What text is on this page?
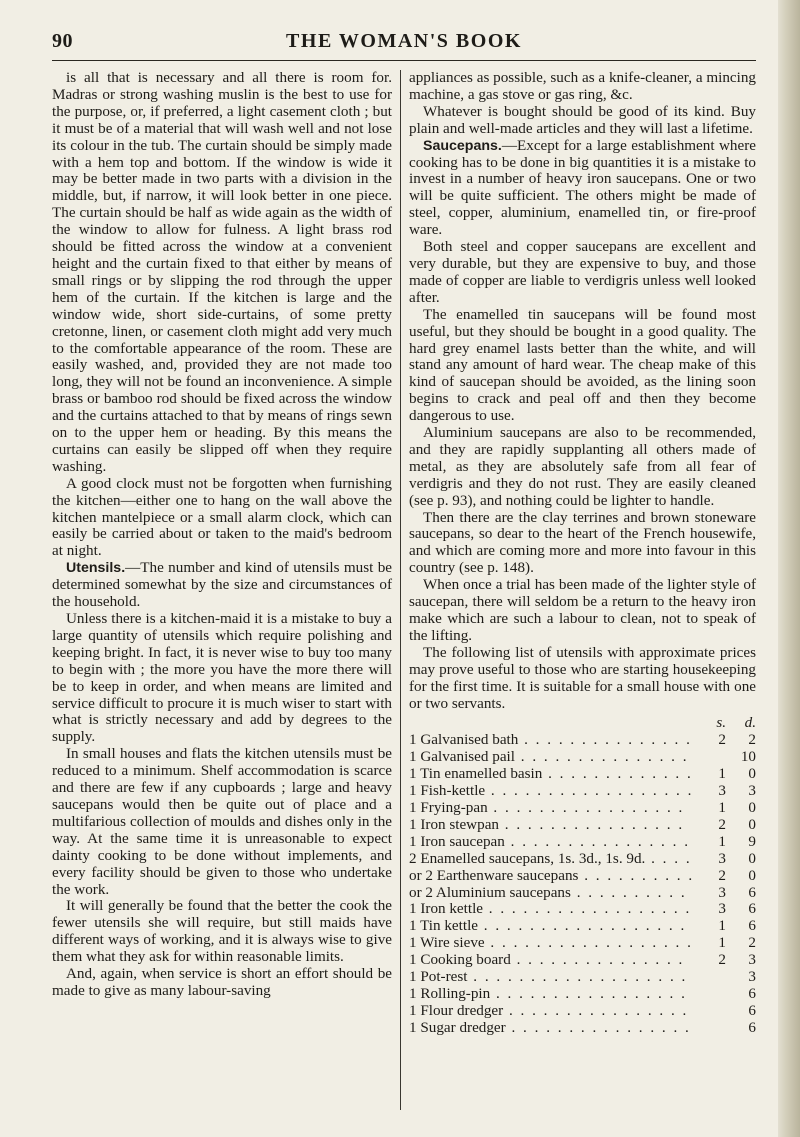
90	THE WOMAN'S BOOK

is all that is necessary and all there is room for. Madras or strong washing muslin is the best to use for the purpose, or, if preferred, a light casement cloth ; but it must be of a material that will wash well and not lose its colour in the tub. The curtain should be simply made with a hem top and bottom. If the window is wide it may be better made in two parts with a division in the middle, but, if narrow, it will look better in one piece. The curtain should be half as wide again as the width of the window to allow for fulness. A light brass rod should be fitted across the window at a convenient height and the curtain fixed to that either by means of small rings or by slipping the rod through the upper hem of the curtain. If the kitchen is large and the window wide, short side-curtains, of some pretty cretonne, linen, or casement cloth might add very much to the comfortable appearance of the room. These are easily washed, and, provided they are not made too long, they will not be found an inconvenience. A simple brass or bamboo rod should be fixed across the window and the curtains attached to that by means of rings sewn on to the upper hem or heading. By this means the curtains can easily be slipped off when they require washing.

A good clock must not be forgotten when furnishing the kitchen—either one to hang on the wall above the kitchen mantelpiece or a small alarm clock, which can easily be carried about or taken to the maid's bedroom at night.

Utensils.—The number and kind of utensils must be determined somewhat by the size and circumstances of the household.

Unless there is a kitchen-maid it is a mistake to buy a large quantity of utensils which require polishing and keeping bright. In fact, it is never wise to buy too many to begin with ; the more you have the more there will be to keep in order, and when means are limited and service difficult to procure it is much wiser to start with what is strictly necessary and add by degrees to the supply.

In small houses and flats the kitchen utensils must be reduced to a minimum. Shelf accommodation is scarce and there are few if any cupboards ; large and heavy saucepans would then be quite out of place and a multifarious collection of moulds and dishes only in the way. At the same time it is unreasonable to expect dainty cooking to be done without implements, and every facility should be given to those who undertake the work.

It will generally be found that the better the cook the fewer utensils she will require, but still maids have different ways of working, and it is always wise to give them what they ask for within reasonable limits.

And, again, when service is short an effort should be made to give as many labour-saving

appliances as possible, such as a knife-cleaner, a mincing machine, a gas stove or gas ring, &c.

Whatever is bought should be good of its kind. Buy plain and well-made articles and they will last a lifetime.

Saucepans.—Except for a large establishment where cooking has to be done in big quantities it is a mistake to invest in a number of heavy iron saucepans. One or two will be quite sufficient. The others might be made of steel, copper, aluminium, enamelled tin, or fire-proof ware.

Both steel and copper saucepans are excellent and very durable, but they are expensive to buy, and those made of copper are liable to verdigris unless well looked after.

The enamelled tin saucepans will be found most useful, but they should be bought in a good quality. The hard grey enamel lasts better than the white, and will stand any amount of hard wear. The cheap make of this kind of saucepan should be avoided, as the lining soon begins to crack and peal off and then they become dangerous to use.

Aluminium saucepans are also to be recommended, and they are rapidly supplanting all others made of metal, as they are absolutely safe from all fear of verdigris and they do not rust. They are easily cleaned (see p. 93), and nothing could be lighter to handle.

Then there are the clay terrines and brown stoneware saucepans, so dear to the heart of the French housewife, and which are coming more and more into favour in this country (see p. 148).

When once a trial has been made of the lighter style of saucepan, there will seldom be a return to the heavy iron make which are such a labour to clean, not to speak of the lifting.

The following list of utensils with approximate prices may prove useful to those who are starting housekeeping for the first time. It is suitable for a small house with one or two servants.

	s.	d.
1 Galvanised bath . . . . . . . . . . . . . . .	2	2
1 Galvanised pail . . . . . . . . . . . . . . .		10
1 Tin enamelled basin . . . . . . . . . . . . .	1	0
1 Fish-kettle . . . . . . . . . . . . . . . . . .	3	3
1 Frying-pan . . . . . . . . . . . . . . . . .	1	0
1 Iron stewpan . . . . . . . . . . . . . . . .	2	0
1 Iron saucepan . . . . . . . . . . . . . . . .	1	9
2 Enamelled saucepans, 1s. 3d., 1s. 9d. . . . .	3	0
or 2 Earthenware saucepans . . . . . . . . . .	2	0
or 2 Aluminium saucepans . . . . . . . . . .	3	6
1 Iron kettle . . . . . . . . . . . . . . . . . .	3	6
1 Tin kettle . . . . . . . . . . . . . . . . . .	1	6
1 Wire sieve . . . . . . . . . . . . . . . . . .	1	2
1 Cooking board . . . . . . . . . . . . . . .	2	3
1 Pot-rest . . . . . . . . . . . . . . . . . . .		3
1 Rolling-pin . . . . . . . . . . . . . . . . .		6
1 Flour dredger . . . . . . . . . . . . . . . .		6
1 Sugar dredger . . . . . . . . . . . . . . . .		6
